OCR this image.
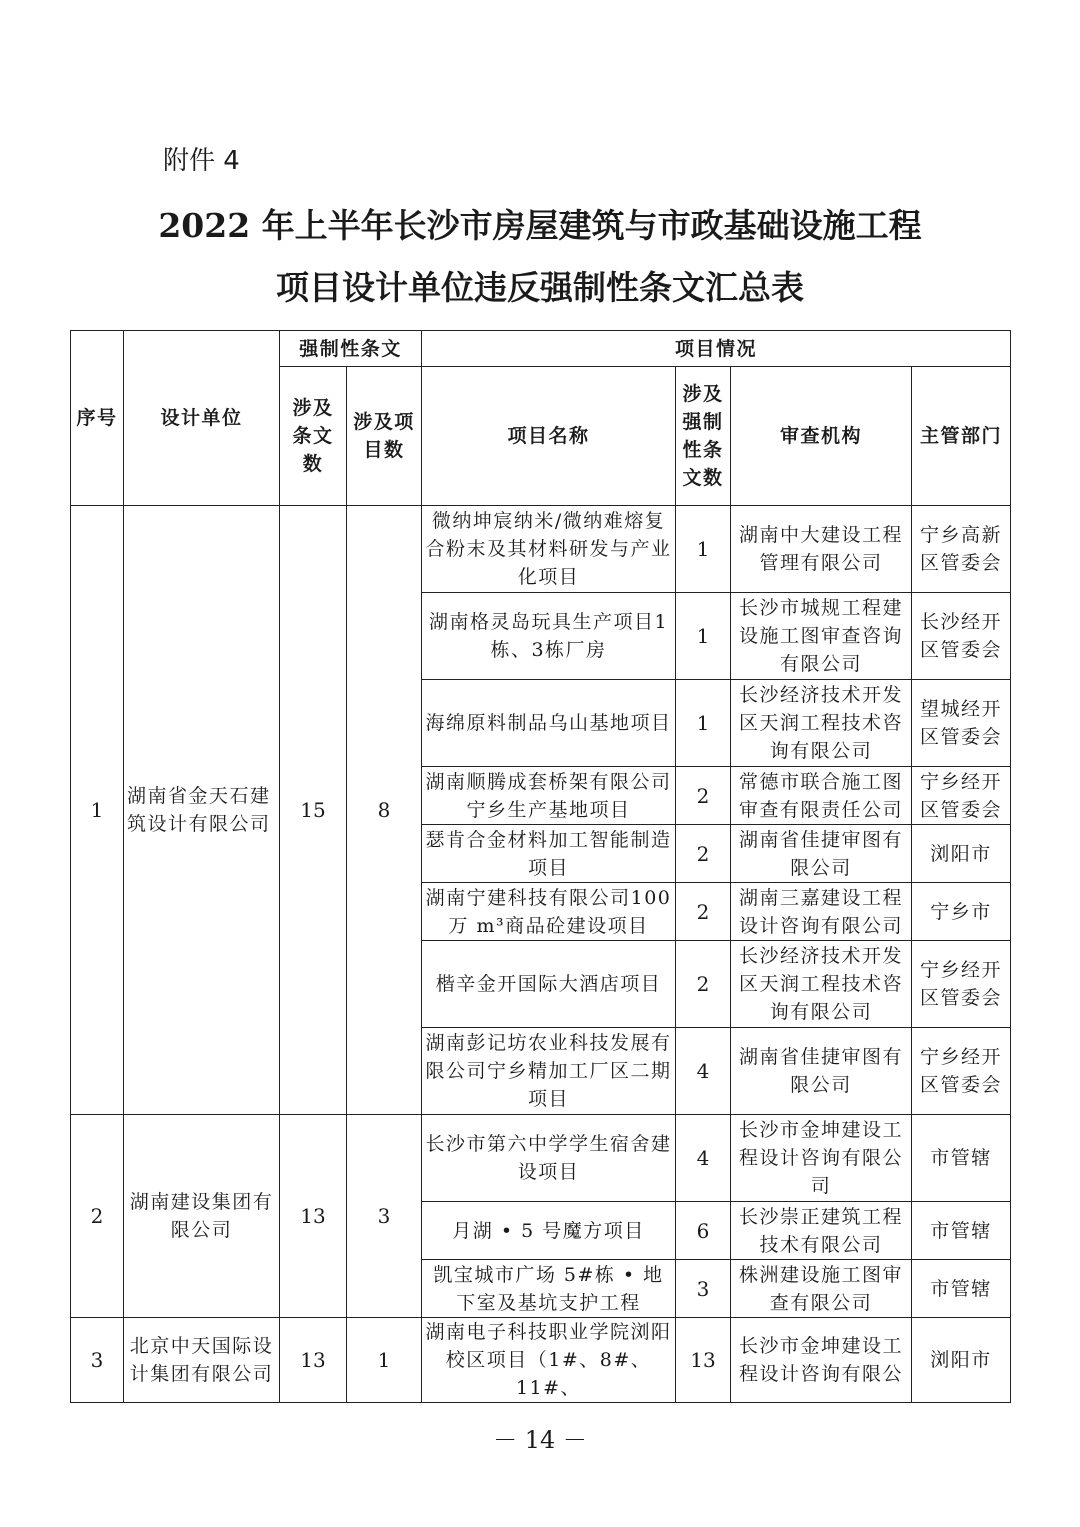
附件 4
2022 年上半年长沙市房屋建筑与市政基础设施工程
项目设计单位违反强制性条文汇总表
序号	设计单位	强制性条文		项目情况			
		涉及条文数	涉及项目数	项目名称	涉及强制性条文数	审查机构	主管部门
1	湖南省金天石建筑设计有限公司	15	8	微纳坤宸纳米/微纳难熔复合粉末及其材料研发与产业化项目	1	湖南中大建设工程管理有限公司	宁乡高新区管委会
				湖南格灵岛玩具生产项目1栋、3栋厂房	1	长沙市城规工程建设施工图审查咨询有限公司	长沙经开区管委会
				海绵原料制品乌山基地项目	1	长沙经济技术开发区天润工程技术咨询有限公司	望城经开区管委会
				湖南顺腾成套桥架有限公司宁乡生产基地项目	2	常德市联合施工图审查有限责任公司	宁乡经开区管委会
				瑟肯合金材料加工智能制造项目	2	湖南省佳捷审图有限公司	浏阳市
				湖南宁建科技有限公司100 万 m³商品砼建设项目	2	湖南三嘉建设工程设计咨询有限公司	宁乡市
				楷辛金开国际大酒店项目	2	长沙经济技术开发区天润工程技术咨询有限公司	宁乡经开区管委会
				湖南彭记坊农业科技发展有限公司宁乡精加工厂区二期项目	4	湖南省佳捷审图有限公司	宁乡经开区管委会
2	湖南建设集团有限公司	13	3	长沙市第六中学学生宿舍建设项目	4	长沙市金坤建设工程设计咨询有限公司	市管辖
				月湖 • 5 号魔方项目	6	长沙崇正建筑工程技术有限公司	市管辖
				凯宝城市广场 5#栋 • 地下室及基坑支护工程	3	株洲建设施工图审查有限公司	市管辖
3	北京中天国际设计集团有限公司	13	1	湖南电子科技职业学院浏阳校区项目（1#、8#、11#、	13	长沙市金坤建设工程设计咨询有限公	浏阳市
－ 14 －
